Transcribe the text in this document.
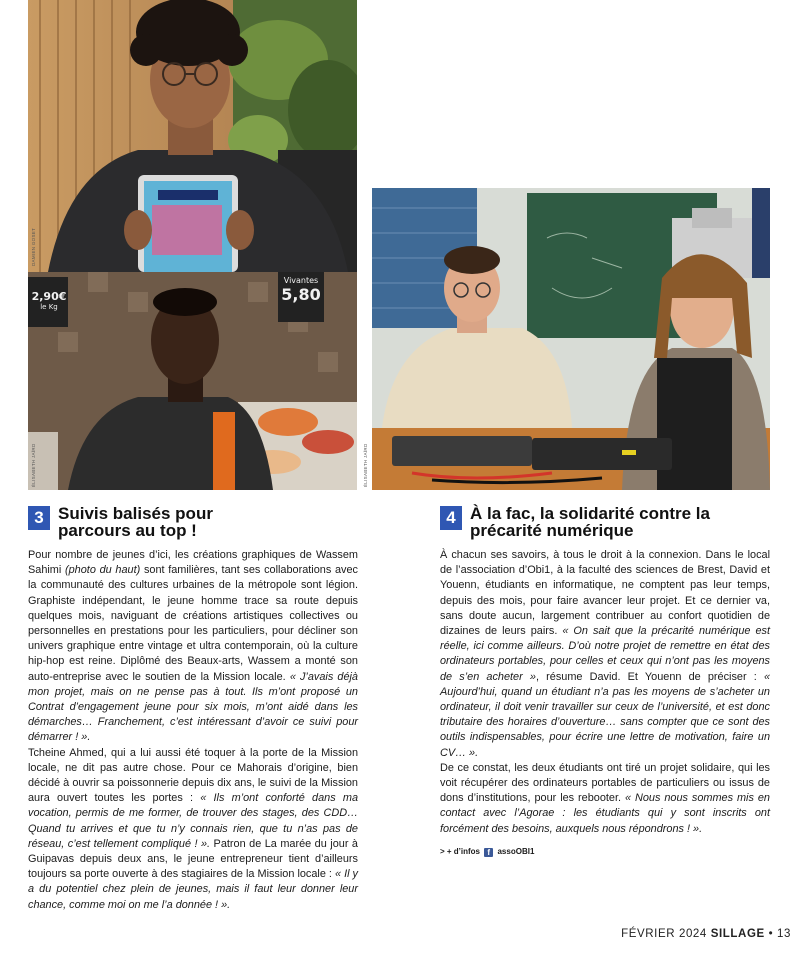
DAMIEN GOSET
2,90€
le Kg
Vivantes
5,80
ÉLISABETH JAÏRD	ÉLISABETH JAÏRD
3 Suivis balisés pour
parcours au top !

Pour nombre de jeunes d’ici, les créations graphiques de Wassem Sahimi (photo du haut) sont familières, tant ses collaborations avec la communauté des cultures urbaines de la métropole sont légion. Graphiste indépendant, le jeune homme trace sa route depuis quelques mois, naviguant de créations artistiques collectives ou personnelles en prestations pour les particuliers, pour décliner son univers graphique entre vintage et ultra contemporain, où la culture hip-hop est reine. Diplômé des Beaux-arts, Wassem a monté son auto-entreprise avec le soutien de la Mission locale. « J’avais déjà mon projet, mais on ne pense pas à tout. Ils m’ont proposé un Contrat d’engagement jeune pour six mois, m’ont aidé dans les démarches… Franchement, c’est intéressant d’avoir ce suivi pour démarrer ! ».

Tcheine Ahmed, qui a lui aussi été toquer à la porte de la Mission locale, ne dit pas autre chose. Pour ce Mahorais d’origine, bien décidé à ouvrir sa poissonnerie depuis dix ans, le suivi de la Mission aura ouvert toutes les portes : « Ils m’ont conforté dans ma vocation, permis de me former, de trouver des stages, des CDD… Quand tu arrives et que tu n’y connais rien, que tu n’as pas de réseau, c’est tellement compliqué ! ». Patron de La marée du jour à Guipavas depuis deux ans, le jeune entrepreneur tient d’ailleurs toujours sa porte ouverte à des stagiaires de la Mission locale : « Il y a du potentiel chez plein de jeunes, mais il faut leur donner leur chance, comme moi on me l’a donnée ! ».

4 À la fac, la solidarité contre la
précarité numérique

À chacun ses savoirs, à tous le droit à la connexion. Dans le local de l’association d’Obi1, à la faculté des sciences de Brest, David et Youenn, étudiants en informatique, ne comptent pas leur temps, depuis des mois, pour faire avancer leur projet. Et ce dernier va, sans doute aucun, largement contribuer au confort quotidien de dizaines de leurs pairs. « On sait que la précarité numérique est réelle, ici comme ailleurs. D’où notre projet de remettre en état des ordinateurs portables, pour celles et ceux qui n’ont pas les moyens de s’en acheter », résume David. Et Youenn de préciser : « Aujourd’hui, quand un étudiant n’a pas les moyens de s’acheter un ordinateur, il doit venir travailler sur ceux de l’université, et est donc tributaire des horaires d’ouverture… sans compter que ce sont des outils indispensables, pour écrire une lettre de motivation, faire un CV… ».

De ce constat, les deux étudiants ont tiré un projet solidaire, qui les voit récupérer des ordinateurs portables de particuliers ou issus de dons d’institutions, pour les rebooter. « Nous nous sommes mis en contact avec l’Agorae : les étudiants qui y sont inscrits ont forcément des besoins, auxquels nous répondrons ! ».

> + d’infos f assoOBI1
FÉVRIER 2024 SILLAGE • 13
